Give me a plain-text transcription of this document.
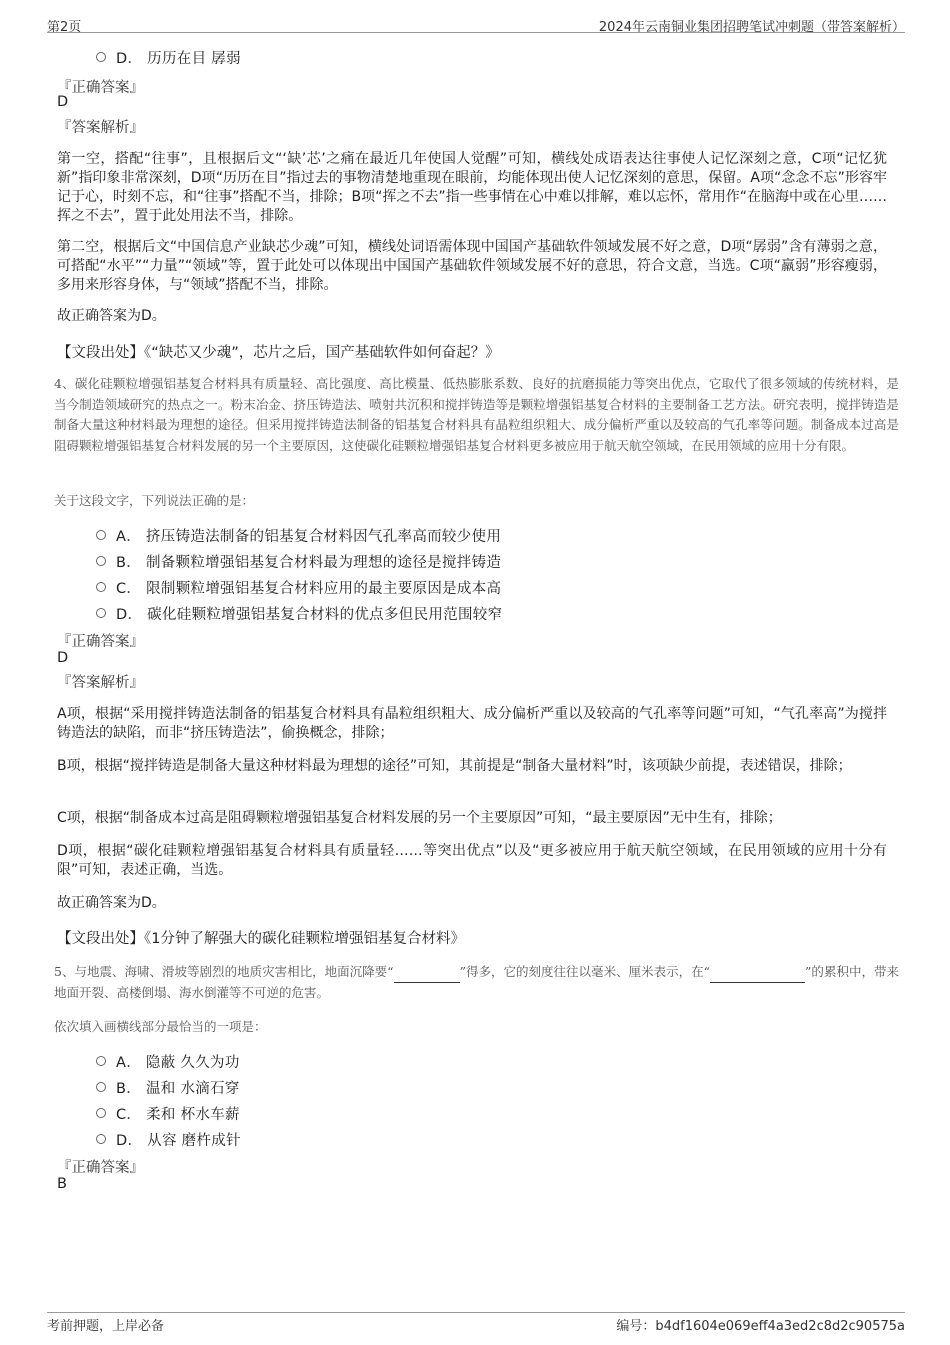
第2页	2024年云南铜业集团招聘笔试冲刺题（带答案解析）
D． 历历在目 孱弱
『正确答案』
D
『答案解析』
第一空，搭配“往事”，且根据后文“‘缺’芯’之痛在最近几年使国人觉醒”可知，横线处成语表达往事使人记忆深刻之意，C项“记忆犹新”指印象非常深刻，D项“历历在目”指过去的事物清楚地重现在眼前，均能体现出使人记忆深刻的意思，保留。A项“念念不忘”形容牢记于心，时刻不忘，和“往事”搭配不当，排除；B项“挥之不去”指一些事情在心中难以排解，难以忘怀，常用作“在脑海中或在心里……挥之不去”，置于此处用法不当，排除。
第二空，根据后文“中国信息产业缺芯少魂”可知，横线处词语需体现中国国产基础软件领域发展不好之意，D项“孱弱”含有薄弱之意，可搭配“水平”“力量”“领域”等，置于此处可以体现出中国国产基础软件领域发展不好的意思，符合文意，当选。C项“羸弱”形容瘦弱，多用来形容身体，与“领域”搭配不当，排除。
故正确答案为D。
【文段出处】《“缺芯又少魂”，芯片之后，国产基础软件如何奋起？》
4、碳化硅颗粒增强铝基复合材料具有质量轻、高比强度、高比模量、低热膨胀系数、良好的抗磨损能力等突出优点，它取代了很多领域的传统材料，是当今制造领域研究的热点之一。粉末冶金、挤压铸造法、喷射共沉积和搅拌铸造等是颗粒增强铝基复合材料的主要制备工艺方法。研究表明，搅拌铸造是制备大量这种材料最为理想的途径。但采用搅拌铸造法制备的铝基复合材料具有晶粒组织粗大、成分偏析严重以及较高的气孔率等问题。制备成本过高是阻碍颗粒增强铝基复合材料发展的另一个主要原因，这使碳化硅颗粒增强铝基复合材料更多被应用于航天航空领域，在民用领域的应用十分有限。
关于这段文字，下列说法正确的是：
A． 挤压铸造法制备的铝基复合材料因气孔率高而较少使用
B． 制备颗粒增强铝基复合材料最为理想的途径是搅拌铸造
C． 限制颗粒增强铝基复合材料应用的最主要原因是成本高
D． 碳化硅颗粒增强铝基复合材料的优点多但民用范围较窄
『正确答案』
D
『答案解析』
A项，根据“采用搅拌铸造法制备的铝基复合材料具有晶粒组织粗大、成分偏析严重以及较高的气孔率等问题”可知，“气孔率高”为搅拌铸造法的缺陷，而非“挤压铸造法”，偷换概念，排除；
B项，根据“搅拌铸造是制备大量这种材料最为理想的途径”可知，其前提是“制备大量材料”时，该项缺少前提，表述错误，排除；
C项，根据“制备成本过高是阻碍颗粒增强铝基复合材料发展的另一个主要原因”可知，“最主要原因”无中生有，排除；
D项，根据“碳化硅颗粒增强铝基复合材料具有质量轻……等突出优点”以及“更多被应用于航天航空领域，在民用领域的应用十分有限”可知，表述正确，当选。
故正确答案为D。
【文段出处】《1分钟了解强大的碳化硅颗粒增强铝基复合材料》
5、与地震、海啸、滑坡等剧烈的地质灾害相比，地面沉降要“	”得多，它的刻度往往以毫米、厘米表示，在“	”的累积中，带来地面开裂、高楼倒塌、海水倒灌等不可逆的危害。
依次填入画横线部分最恰当的一项是：
A． 隐蔽 久久为功
B． 温和 水滴石穿
C． 柔和 杯水车薪
D． 从容 磨杵成针
『正确答案』
B
考前押题，上岸必备	编号：b4df1604e069eff4a3ed2c8d2c90575a
